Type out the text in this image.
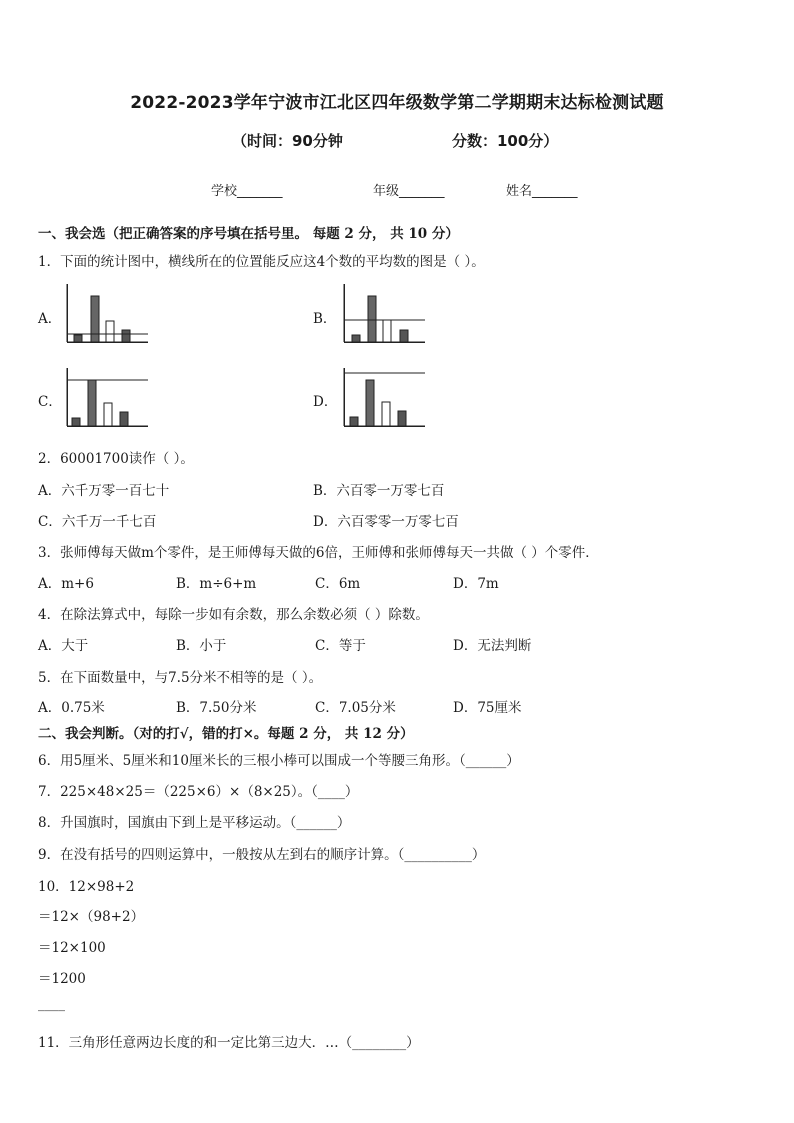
2022-2023学年宁波市江北区四年级数学第二学期期末达标检测试题
（时间：90分钟	分数：100分）
学校_______	年级_______	姓名_______
一、我会选（把正确答案的序号填在括号里。 每题 2 分， 共 10 分）
1．下面的统计图中，横线所在的位置能反应这4个数的平均数的图是（ ）。
A．	B．
C．	D．
2．60001700读作（ ）。
A．六千万零一百七十	B．六百零一万零七百
C．六千万一千七百	D．六百零零一万零七百
3．张师傅每天做m个零件，是王师傅每天做的6倍，王师傅和张师傅每天一共做（ ）个零件．
A．m+6	B．m÷6+m	C．6m	D．7m
4．在除法算式中，每除一步如有余数，那么余数必须（ ）除数。
A．大于	B．小于	C．等于	D．无法判断
5．在下面数量中，与7.5分米不相等的是（ ）。
A．0.75米	B．7.50分米	C．7.05分米	D．75厘米
二、我会判断。（对的打√，错的打×。每题 2 分， 共 12 分）
6．用5厘米、5厘米和10厘米长的三根小棒可以围成一个等腰三角形。（______）
7．225×48×25＝（225×6）×（8×25）。（____）
8．升国旗时，国旗由下到上是平移运动。（______）
9．在没有括号的四则运算中，一般按从左到右的顺序计算。（__________）
10．12×98+2
＝12×（98+2）
＝12×100
＝1200
____
11．三角形任意两边长度的和一定比第三边大．…（________）
